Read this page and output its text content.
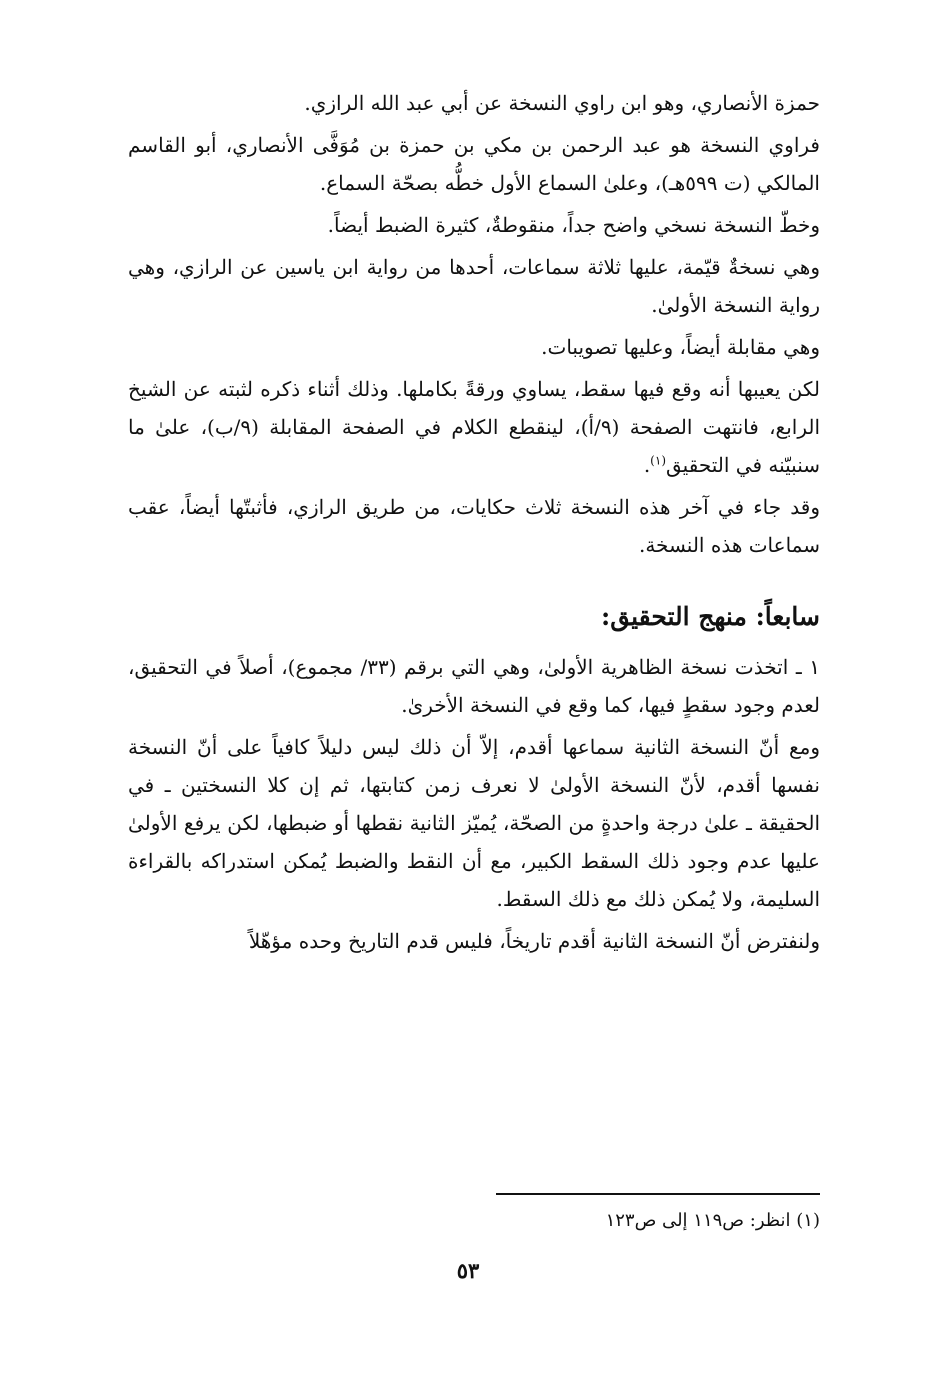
حمزة الأنصاري، وهو ابن راوي النسخة عن أبي عبد الله الرازي.

فراوي النسخة هو عبد الرحمن بن مكي بن حمزة بن مُوَفَّى الأنصاري، أبو القاسم المالكي (ت ٥٩٩هـ)، وعلىٰ السماع الأول خطُّه بصحّة السماع.

وخطّ النسخة نسخي واضح جداً، منقوطةٌ، كثيرة الضبط أيضاً.

وهي نسخةٌ قيّمة، عليها ثلاثة سماعات، أحدها من رواية ابن ياسين عن الرازي، وهي رواية النسخة الأولىٰ.

وهي مقابلة أيضاً، وعليها تصويبات.

لكن يعيبها أنه وقع فيها سقط، يساوي ورقةً بكاملها. وذلك أثناء ذكره لثبته عن الشيخ الرابع، فانتهت الصفحة (٩/أ)، لينقطع الكلام في الصفحة المقابلة (٩/ب)، علىٰ ما سنبيّنه في التحقيق$^{(١)}$.

وقد جاء في آخر هذه النسخة ثلاث حكايات، من طريق الرازي، فأثبتّها أيضاً، عقب سماعات هذه النسخة.

سابعاً: منهج التحقيق:

١ ـ اتخذت نسخة الظاهرية الأولىٰ، وهي التي برقم (٣٣/ مجموع)، أصلاً في التحقيق، لعدم وجود سقطٍ فيها، كما وقع في النسخة الأخرىٰ.

ومع أنّ النسخة الثانية سماعها أقدم، إلاّ أن ذلك ليس دليلاً كافياً على أنّ النسخة نفسها أقدم، لأنّ النسخة الأولىٰ لا نعرف زمن كتابتها، ثم إن كلا النسختين ـ في الحقيقة ـ علىٰ درجة واحدةٍ من الصحّة، يُميّز الثانية نقطها أو ضبطها، لكن يرفع الأولىٰ عليها عدم وجود ذلك السقط الكبير، مع أن النقط والضبط يُمكن استدراكه بالقراءة السليمة، ولا يُمكن ذلك مع ذلك السقط.

ولنفترض أنّ النسخة الثانية أقدم تاريخاً، فليس قدم التاريخ وحده مؤهّلاً

(١) انظر: ص١١٩ إلى ص١٢٣
٥٣
